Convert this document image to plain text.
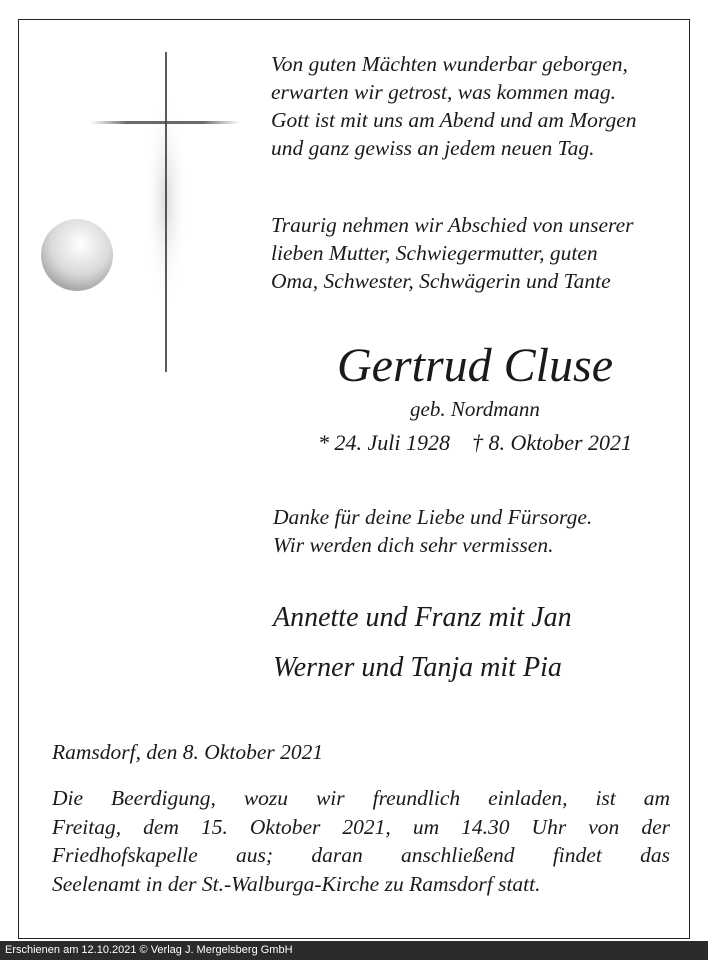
Von guten Mächten wunderbar geborgen,
erwarten wir getrost, was kommen mag.
Gott ist mit uns am Abend und am Morgen
und ganz gewiss an jedem neuen Tag.
Traurig nehmen wir Abschied von unserer
lieben Mutter, Schwiegermutter, guten
Oma, Schwester, Schwägerin und Tante
Gertrud Cluse
geb. Nordmann
* 24. Juli 1928 † 8. Oktober 2021
Danke für deine Liebe und Fürsorge.
Wir werden dich sehr vermissen.
Annette und Franz mit Jan
Werner und Tanja mit Pia
Ramsdorf, den 8. Oktober 2021
Die Beerdigung, wozu wir freundlich einladen, ist am
Freitag, dem 15. Oktober 2021, um 14.30 Uhr von der
Friedhofskapelle aus; daran anschließend findet das
Seelenamt in der St.-Walburga-Kirche zu Ramsdorf statt.
Erschienen am 12.10.2021 © Verlag J. Mergelsberg GmbH
